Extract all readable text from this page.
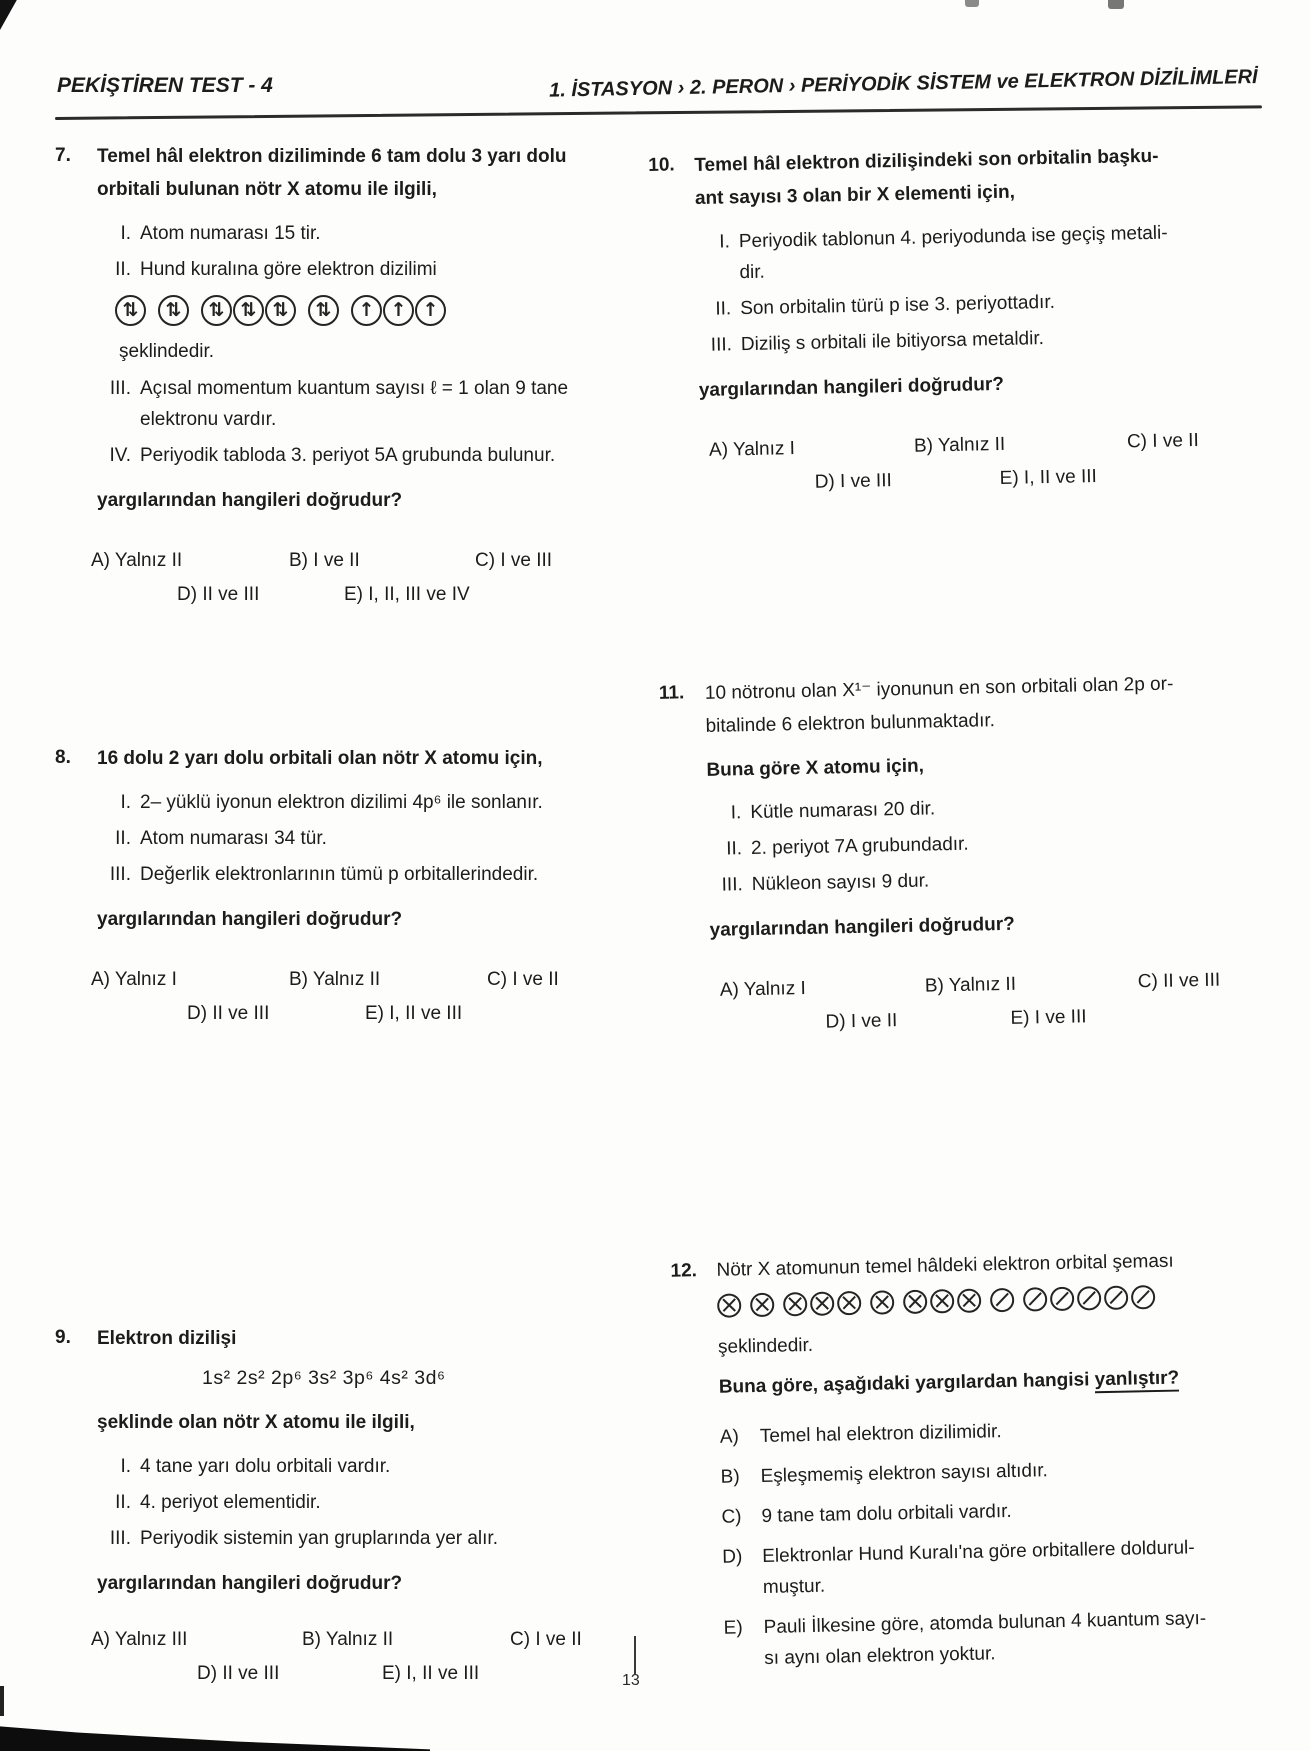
PEKİŞTİREN TEST - 4	1. İSTASYON › 2. PERON › PERİYODİK SİSTEM ve ELEKTRON DİZİLİMLERİ
7.	Temel hâl elektron diziliminde 6 tam dolu 3 yarı dolu
orbitali bulunan nötr X atomu ile ilgili,
I. Atom numarası 15 tir.
II. Hund kuralına göre elektron dizilimi
⇅	⇅	⇅ ⇅ ⇅	⇅	↑ ↑ ↑
şeklindedir.
III. Açısal momentum kuantum sayısı ℓ = 1 olan 9 tane
elektronu vardır.
IV. Periyodik tabloda 3. periyot 5A grubunda bulunur.
yargılarından hangileri doğrudur?
A) Yalnız II	B) I ve II	C) I ve III
D) II ve III	E) I, II, III ve IV
8.	16 dolu 2 yarı dolu orbitali olan nötr X atomu için,
I. 2– yüklü iyonun elektron dizilimi 4p⁶ ile sonlanır.
II. Atom numarası 34 tür.
III. Değerlik elektronlarının tümü p orbitallerindedir.
yargılarından hangileri doğrudur?
A) Yalnız I	B) Yalnız II	C) I ve II
D) II ve III	E) I, II ve III
9.	Elektron dizilişi
1s² 2s² 2p⁶ 3s² 3p⁶ 4s² 3d⁶
şeklinde olan nötr X atomu ile ilgili,
I. 4 tane yarı dolu orbitali vardır.
II. 4. periyot elementidir.
III. Periyodik sistemin yan gruplarında yer alır.
yargılarından hangileri doğrudur?
A) Yalnız III	B) Yalnız II	C) I ve II
D) II ve III	E) I, II ve III
10.	Temel hâl elektron dizilişindeki son orbitalin başku-
ant sayısı 3 olan bir X elementi için,
I. Periyodik tablonun 4. periyodunda ise geçiş metali-
dir.
II. Son orbitalin türü p ise 3. periyottadır.
III. Diziliş s orbitali ile bitiyorsa metaldir.
yargılarından hangileri doğrudur?
A) Yalnız I	B) Yalnız II	C) I ve II
D) I ve III	E) I, II ve III
11.	10 nötronu olan X¹⁻ iyonunun en son orbitali olan 2p or-
bitalinde 6 elektron bulunmaktadır.
Buna göre X atomu için,
I. Kütle numarası 20 dir.
II. 2. periyot 7A grubundadır.
III. Nükleon sayısı 9 dur.
yargılarından hangileri doğrudur?
A) Yalnız I	B) Yalnız II	C) II ve III
D) I ve II	E) I ve III
12.	Nötr X atomunun temel hâldeki elektron orbital şeması
şeklindedir.
Buna göre, aşağıdaki yargılardan hangisi yanlıştır?
A)	Temel hal elektron dizilimidir.
B)	Eşleşmemiş elektron sayısı altıdır.
C)	9 tane tam dolu orbitali vardır.
D)	Elektronlar Hund Kuralı'na göre orbitallere doldurul-
muştur.
E)	Pauli İlkesine göre, atomda bulunan 4 kuantum sayı-
sı aynı olan elektron yoktur.
13
